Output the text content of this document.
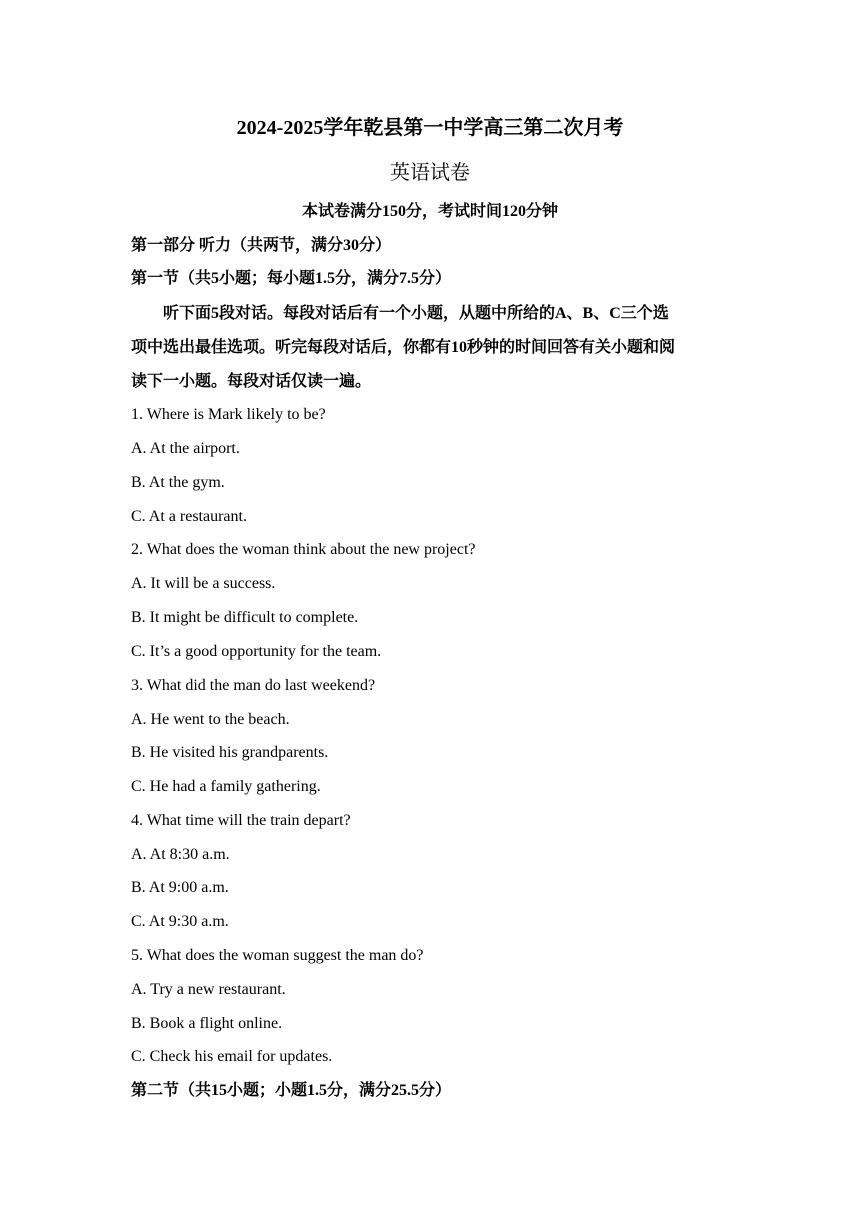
2024-2025学年乾县第一中学高三第二次月考
英语试卷
本试卷满分150分，考试时间120分钟
第一部分 听力（共两节，满分30分）
第一节（共5小题；每小题1.5分，满分7.5分）
听下面5段对话。每段对话后有一个小题，从题中所给的A、B、C三个选
项中选出最佳选项。听完每段对话后，你都有10秒钟的时间回答有关小题和阅
读下一小题。每段对话仅读一遍。
1. Where is Mark likely to be?
A. At the airport.
B. At the gym.
C. At a restaurant.
2. What does the woman think about the new project?
A. It will be a success.
B. It might be difficult to complete.
C. It’s a good opportunity for the team.
3. What did the man do last weekend?
A. He went to the beach.
B. He visited his grandparents.
C. He had a family gathering.
4. What time will the train depart?
A. At 8:30 a.m.
B. At 9:00 a.m.
C. At 9:30 a.m.
5. What does the woman suggest the man do?
A. Try a new restaurant.
B. Book a flight online.
C. Check his email for updates.
第二节（共15小题；小题1.5分，满分25.5分）
